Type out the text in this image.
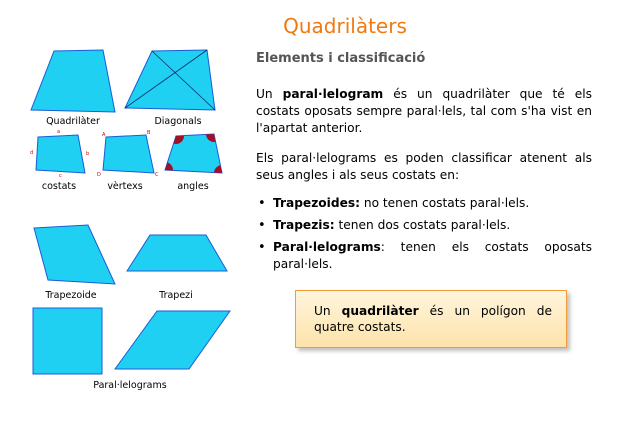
Quadrilàters
Quadrilàter	Diagonals
a
b
c
d
costats
A	B
C
D
vèrtexs	angles
Trapezoide	Trapezi
Paral·lelograms
Elements i classificació
Un paral·lelogram és un quadrilàter que té els costats oposats sempre paral·lels, tal com s'ha vist en l'apartat anterior.
Els paral·lelograms es poden classificar atenent als seus angles i als seus costats en:
• Trapezoides: no tenen costats paral·lels.
• Trapezis: tenen dos costats paral·lels.
• Paral·lelograms: tenen els costats oposats paral·lels.
Un quadrilàter és un polígon de quatre costats.
